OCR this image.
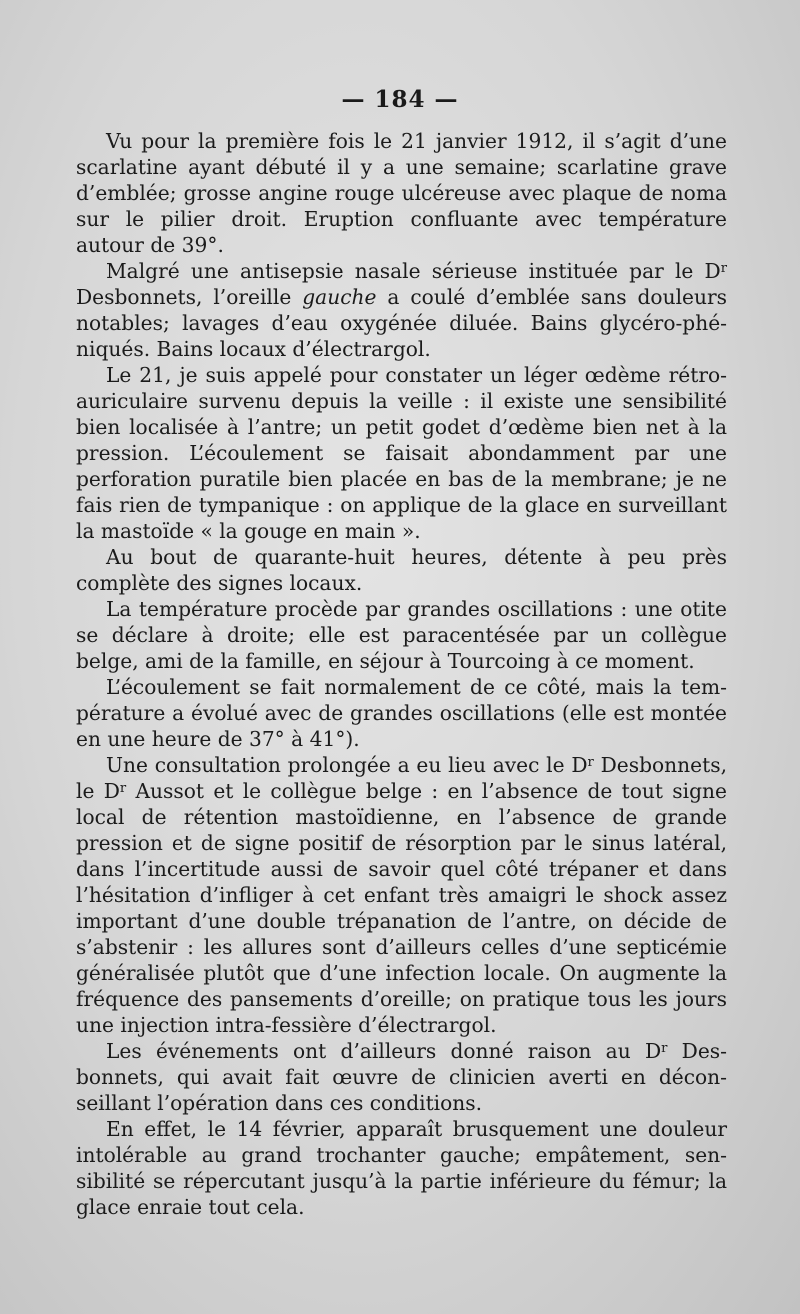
— 184 —

Vu pour la première fois le 21 janvier 1912, il s’agit d’une scarlatine ayant débuté il y a une semaine; scarlatine grave d’emblée; grosse angine rouge ulcéreuse avec plaque de noma sur le pilier droit. Eruption confluante avec température autour de 39°.

Malgré une antisepsie nasale sérieuse instituée par le $D^r$ Desbonnets, l’oreille gauche a coulé d’emblée sans douleurs notables; lavages d’eau oxygénée diluée. Bains glycéro-phéniqués. Bains locaux d’électrargol.

Le 21, je suis appelé pour constater un léger œdème rétro-auriculaire survenu depuis la veille : il existe une sensibilité bien localisée à l’antre; un petit godet d’œdème bien net à la pression. L’écoulement se faisait abondamment par une perforation puratile bien placée en bas de la membrane; je ne fais rien de tympanique : on applique de la glace en surveillant la mastoïde « la gouge en main ».

Au bout de quarante-huit heures, détente à peu près complète des signes locaux.

La température procède par grandes oscillations : une otite se déclare à droite; elle est paracentésée par un collègue belge, ami de la famille, en séjour à Tourcoing à ce moment.

L’écoulement se fait normalement de ce côté, mais la température a évolué avec de grandes oscillations (elle est montée en une heure de 37° à 41°).

Une consultation prolongée a eu lieu avec le $D^r$ Desbonnets, le $D^r$ Aussot et le collègue belge : en l’absence de tout signe local de rétention mastoïdienne, en l’absence de grande pression et de signe positif de résorption par le sinus latéral, dans l’incertitude aussi de savoir quel côté trépaner et dans l’hésitation d’infliger à cet enfant très amaigri le shock assez important d’une double trépanation de l’antre, on décide de s’abstenir : les allures sont d’ailleurs celles d’une septicémie généralisée plutôt que d’une infection locale. On augmente la fréquence des pansements d’oreille; on pratique tous les jours une injection intra-fessière d’électrargol.

Les événements ont d’ailleurs donné raison au $D^r$ Desbonnets, qui avait fait œuvre de clinicien averti en déconseillant l’opération dans ces conditions.

En effet, le 14 février, apparaît brusquement une douleur intolérable au grand trochanter gauche; empâtement, sensibilité se répercutant jusqu’à la partie inférieure du fémur; la glace enraie tout cela.
